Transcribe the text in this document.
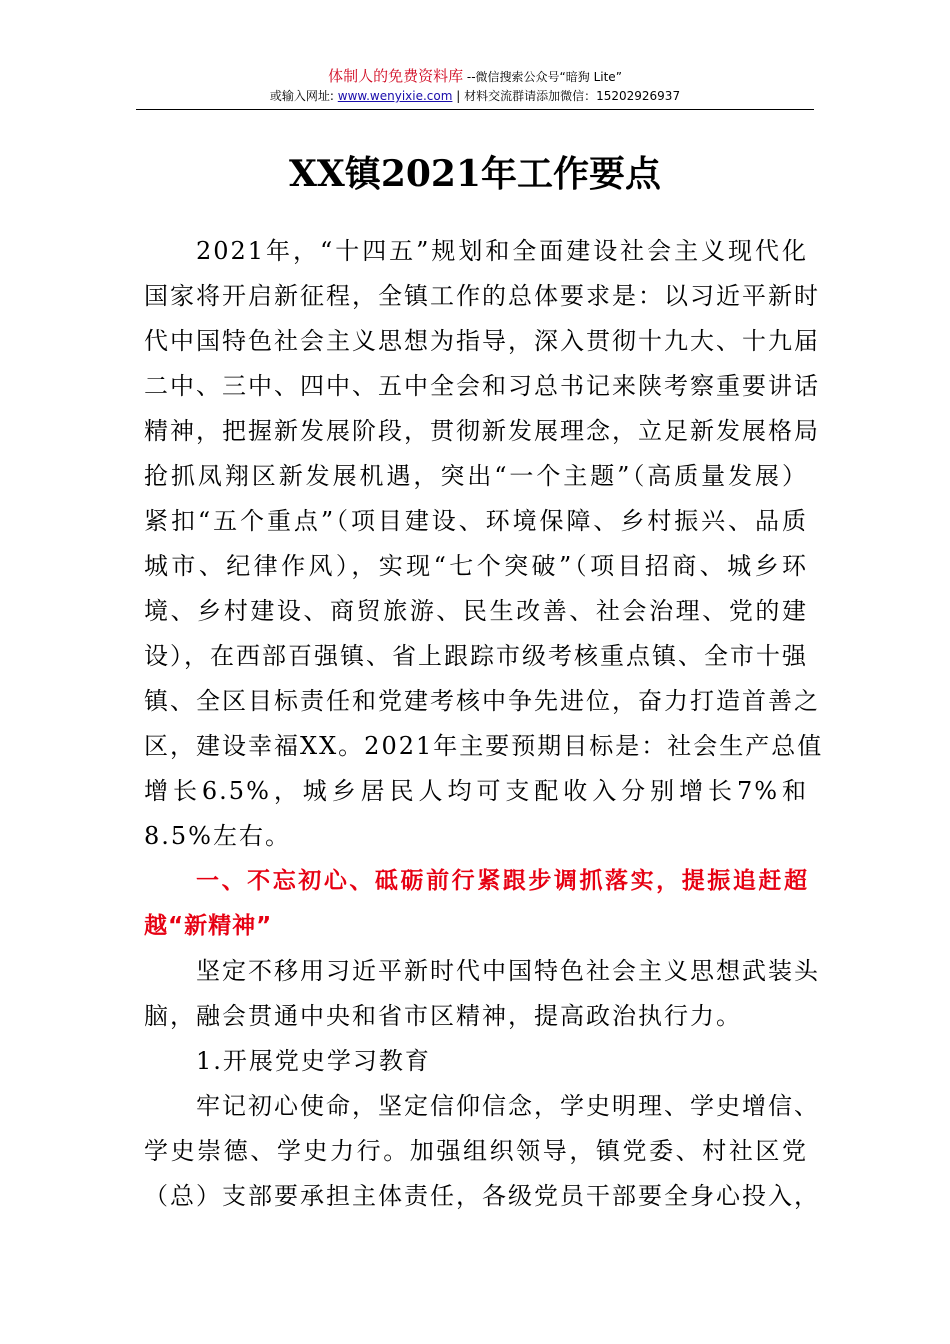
体制人的免费资料库 --微信搜索公众号“暗狗 Lite”
或输入网址: www.wenyixie.com | 材料交流群请添加微信：15202926937
XX镇2021年工作要点

2021年，“十四五”规划和全面建设社会主义现代化
国家将开启新征程，全镇工作的总体要求是：以习近平新时
代中国特色社会主义思想为指导，深入贯彻十九大、十九届
二中、三中、四中、五中全会和习总书记来陕考察重要讲话
精神，把握新发展阶段，贯彻新发展理念，立足新发展格局
抢抓凤翔区新发展机遇，突出“一个主题”（高质量发展）
紧扣“五个重点”（项目建设、环境保障、乡村振兴、品质
城市、纪律作风），实现“七个突破”（项目招商、城乡环
境、乡村建设、商贸旅游、民生改善、社会治理、党的建
设），在西部百强镇、省上跟踪市级考核重点镇、全市十强
镇、全区目标责任和党建考核中争先进位，奋力打造首善之
区，建设幸福XX。2021年主要预期目标是：社会生产总值
增长6.5%，城乡居民人均可支配收入分别增长7%和
8.5%左右。

一、不忘初心、砥砺前行紧跟步调抓落实，提振追赶超
越“新精神”

坚定不移用习近平新时代中国特色社会主义思想武装头
脑，融会贯通中央和省市区精神，提高政治执行力。

1.开展党史学习教育

牢记初心使命，坚定信仰信念，学史明理、学史增信、
学史崇德、学史力行。加强组织领导，镇党委、村社区党
（总）支部要承担主体责任，各级党员干部要全身心投入，
